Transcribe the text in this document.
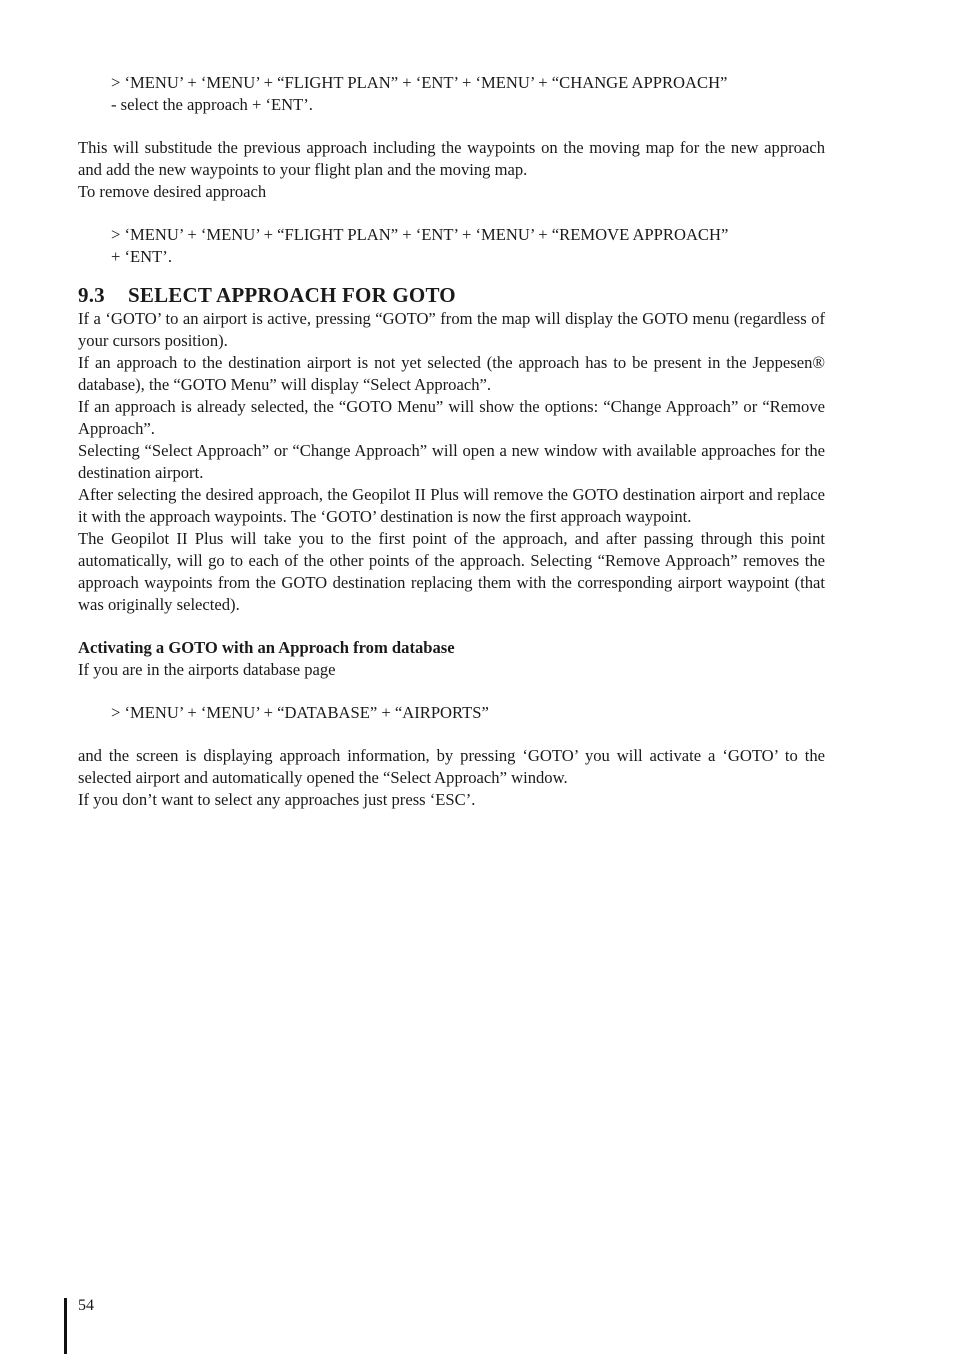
> ‘MENU’ + ‘MENU’ + “FLIGHT PLAN” + ‘ENT’ + ‘MENU’ + “CHANGE APPROACH”

- select the approach + ‘ENT’.

This will substitude the previous approach including the waypoints on the moving map for the new approach and add the new waypoints to your flight plan and the moving map.

To remove desired approach

> ‘MENU’ + ‘MENU’ + “FLIGHT PLAN” + ‘ENT’ + ‘MENU’ + “REMOVE APPROACH”

+ ‘ENT’.

9.3 SELECT APPROACH FOR GOTO

If a ‘GOTO’ to an airport is active, pressing “GOTO” from the map will display the GOTO menu (regardless of your cursors position).

If an approach to the destination airport is not yet selected (the approach has to be present in the Jeppesen® database), the “GOTO Menu” will display “Select Approach”.

If an approach is already selected, the “GOTO Menu” will show the options: “Change Approach” or “Remove Approach”.

Selecting “Select Approach” or “Change Approach” will open a new window with available approaches for the destination airport.

After selecting the desired approach, the Geopilot II Plus will remove the GOTO destination airport and replace it with the approach waypoints. The ‘GOTO’ destination is now the first approach waypoint.

The Geopilot II Plus will take you to the first point of the approach, and after passing through this point automatically, will go to each of the other points of the approach. Selecting “Remove Approach” removes the approach waypoints from the GOTO destination replacing them with the corresponding airport waypoint (that was originally selected).

Activating a GOTO with an Approach from database

If you are in the airports database page

> ‘MENU’ + ‘MENU’ + “DATABASE” + “AIRPORTS”

and the screen is displaying approach information, by pressing ‘GOTO’ you will activate a ‘GOTO’ to the selected airport and automatically opened the “Select Approach” window.

If you don’t want to select any approaches just press ‘ESC’.

54
